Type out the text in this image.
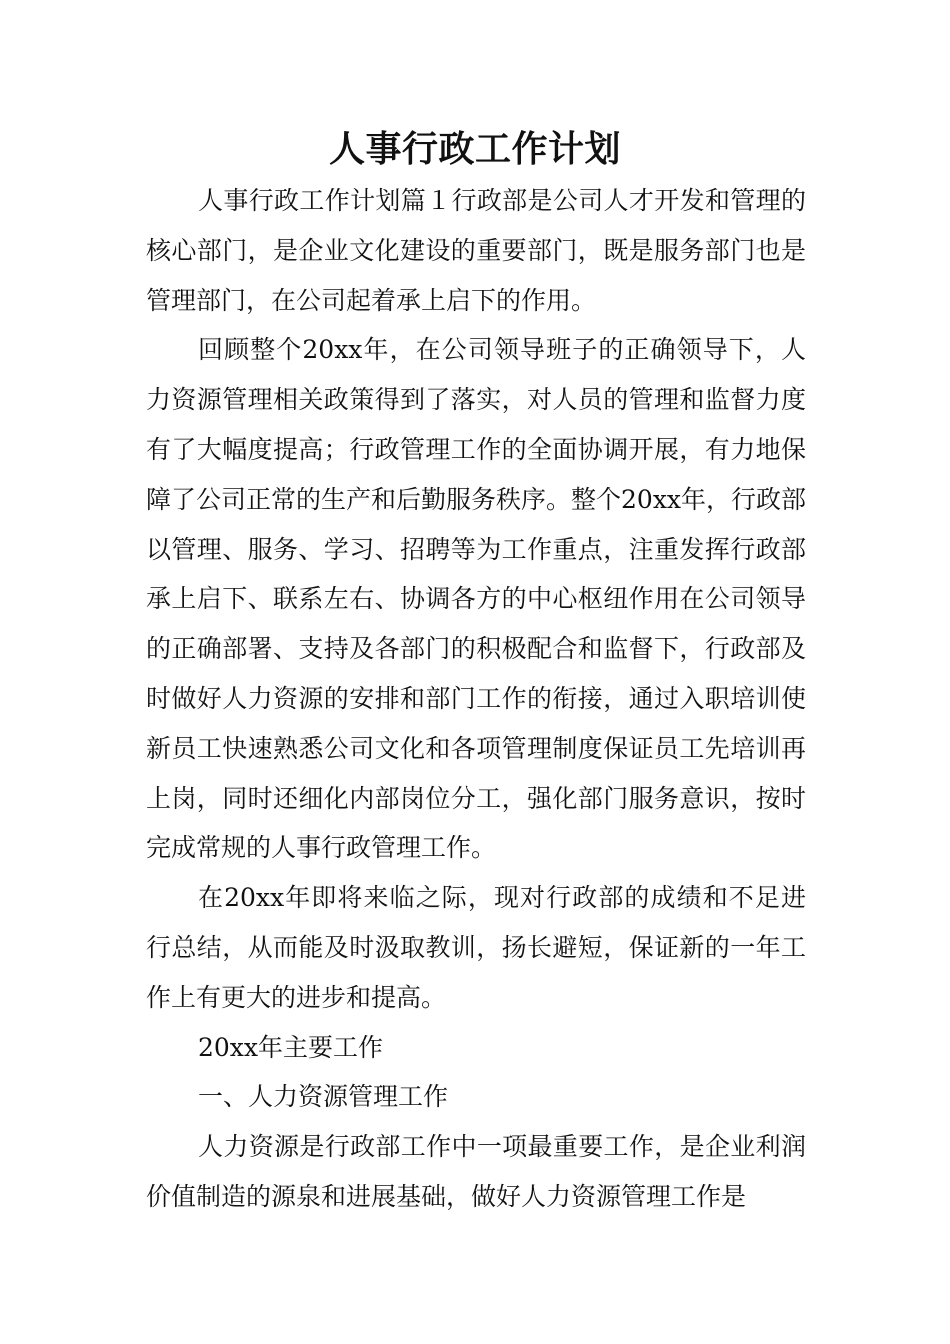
人事行政工作计划

人事行政工作计划篇１行政部是公司人才开发和管理的核心部门，是企业文化建设的重要部门，既是服务部门也是管理部门，在公司起着承上启下的作用。

回顾整个20xx年，在公司领导班子的正确领导下，人力资源管理相关政策得到了落实，对人员的管理和监督力度有了大幅度提高；行政管理工作的全面协调开展，有力地保障了公司正常的生产和后勤服务秩序。整个20xx年，行政部以管理、服务、学习、招聘等为工作重点，注重发挥行政部承上启下、联系左右、协调各方的中心枢纽作用在公司领导的正确部署、支持及各部门的积极配合和监督下，行政部及时做好人力资源的安排和部门工作的衔接，通过入职培训使新员工快速熟悉公司文化和各项管理制度保证员工先培训再上岗，同时还细化内部岗位分工，强化部门服务意识，按时完成常规的人事行政管理工作。

在20xx年即将来临之际，现对行政部的成绩和不足进行总结，从而能及时汲取教训，扬长避短，保证新的一年工作上有更大的进步和提高。

20xx年主要工作

一、人力资源管理工作

人力资源是行政部工作中一项最重要工作，是企业利润价值制造的源泉和进展基础，做好人力资源管理工作是
